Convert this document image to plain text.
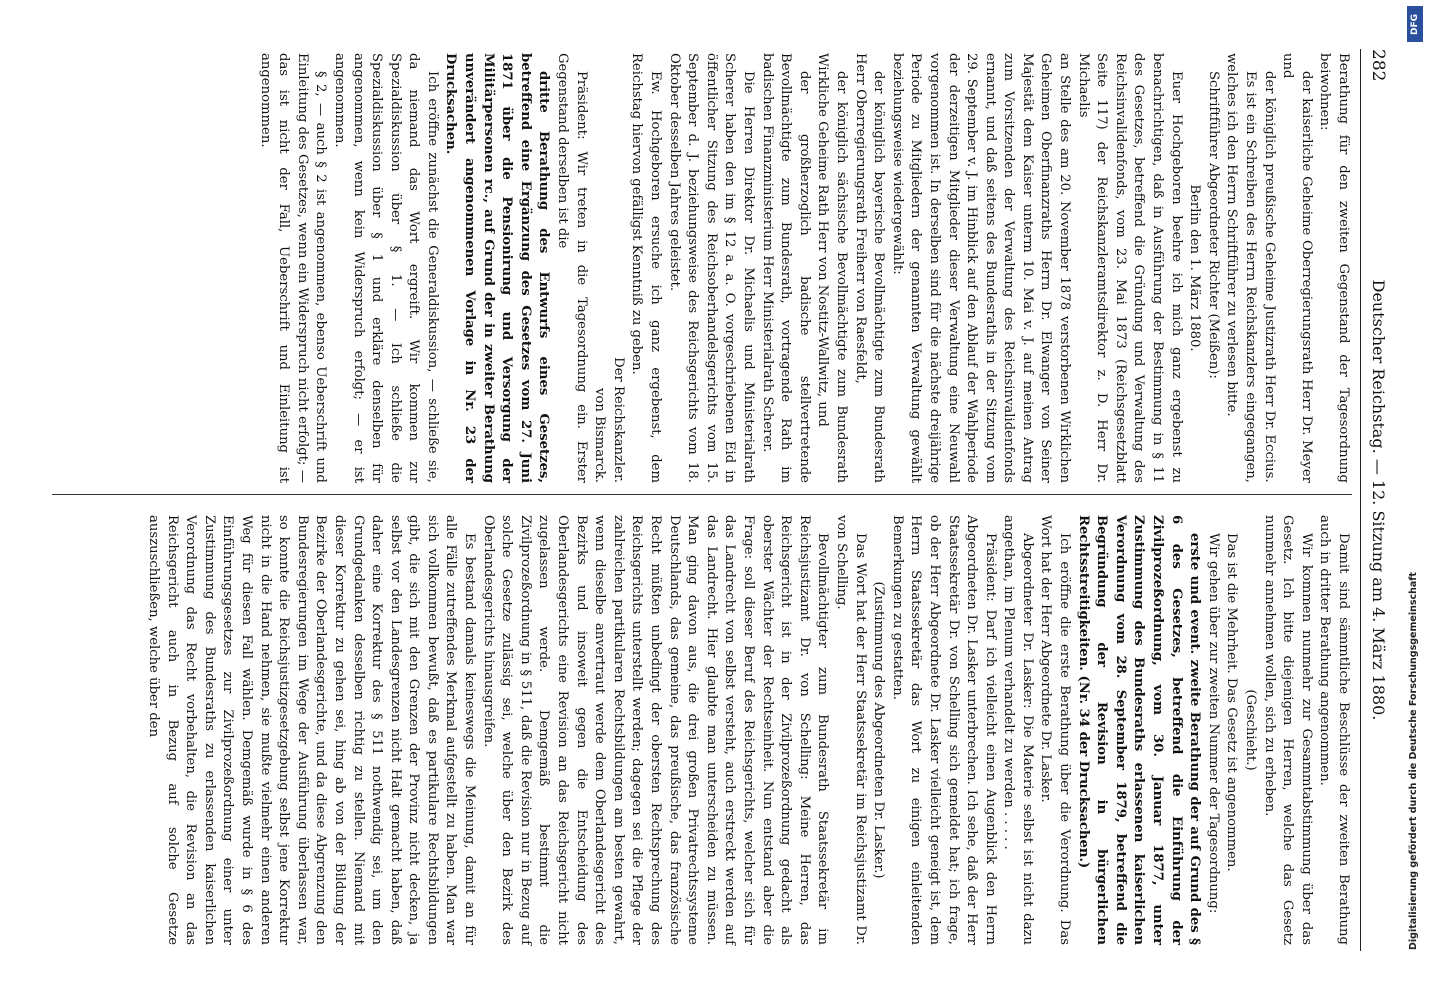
282
Deutscher Reichstag. — 12. Sitzung am 4. März 1880.

Berathung für den zweiten Gegenstand der Tagesordnung beiwohnen:

der kaiserliche Geheime Oberregierungsrath Herr Dr. Meyer und

der königlich preußische Geheime Justizrath Herr Dr. Eccius.

Es ist ein Schreiben des Herrn Reichskanzlers eingegangen, welches ich den Herrn Schriftführer zu verlesen bitte.

Schriftführer Abgeordneter Richter (Meißen):

Berlin den 1. März 1880.

Euer Hochgeboren beehre ich mich ganz ergebenst zu benachrichtigen, daß in Ausführung der Bestimmung in § 11 des Gesetzes, betreffend die Gründung und Verwaltung des Reichsinvalidenfonds, vom 23. Mai 1873 (Reichsgesetzblatt Seite 117) der Reichskanzleramtsdirektor z. D. Herr Dr. Michaelis

an Stelle des am 20. November 1878 verstorbenen Wirklichen Geheimen Oberfinanzraths Herrn Dr. Elwanger von Seiner Majestät dem Kaiser unterm 10. Mai v. J. auf meinen Antrag zum Vorsitzenden der Verwaltung des Reichsinvalidenfonds ernannt, und daß seitens des Bundesraths in der Sitzung vom 29. September v. J. im Hinblick auf den Ablauf der Wahlperiode der derzeitigen Mitglieder dieser Verwaltung eine Neuwahl vorgenommen ist. In derselben sind für die nächste dreijährige Periode zu Mitgliedern der genannten Verwaltung gewählt beziehungsweise wiedergewählt:

der königlich bayerische Bevollmächtigte zum Bundesrath Herr Oberregierungsrath Freiherr von Raesfeldt,

der königlich sächsische Bevollmächtigte zum Bundesrath Wirkliche Geheime Rath Herr von Nostitz-Wallwitz, und

der großherzoglich badische stellvertretende Bevollmächtigte zum Bundesrath, vortragende Rath im badischen Finanzministerium Herr Ministerialrath Scherer.

Die Herren Direktor Dr. Michaelis und Ministerialrath Scherer haben den im § 12 a. a. O. vorgeschriebenen Eid in öffentlicher Sitzung des Reichsoberhandelsgerichts vom 15. September d. J. beziehungsweise des Reichsgerichts vom 18. Oktober desselben Jahres geleistet.

Ew. Hochgeboren ersuche ich ganz ergebenst, dem Reichstag hiervon gefälligst Kenntniß zu geben.

Der Reichskanzler.

von Bismarck.

Präsident: Wir treten in die Tagesordnung ein. Erster Gegenstand derselben ist die

dritte Berathung des Entwurfs eines Gesetzes, betreffend eine Ergänzung des Gesetzes vom 27. Juni 1871 über die Pensionirung und Versorgung der Militärpersonen rc., auf Grund der in zweiter Berathung unverändert angenommenen Vorlage in Nr. 23 der Drucksachen.

Ich eröffne zunächst die Generaldiskussion, — schließe sie, da niemand das Wort ergreift. Wir kommen zur Spezialdiskussion über § 1. — Ich schließe die Spezialdiskussion über § 1 und erkläre denselben für angenommen, wenn kein Widerspruch erfolgt; — er ist angenommen.

§ 2, — auch § 2 ist angenommen, ebenso Ueberschrift und Einleitung des Gesetzes, wenn ein Widerspruch nicht erfolgt; — das ist nicht der Fall, Ueberschrift und Einleitung ist angenommen.

Damit sind sämmtliche Beschlüsse der zweiten Berathung auch in dritter Berathung angenommen.

Wir kommen nunmehr zur Gesammtabstimmung über das Gesetz. Ich bitte diejenigen Herren, welche das Gesetz nunmehr annehmen wollen, sich zu erheben.

(Geschieht.)

Das ist die Mehrheit. Das Gesetz ist angenommen.

Wir gehen über zur zweiten Nummer der Tagesordnung:

erste und event. zweite Berathung der auf Grund des § 6 des Gesetzes, betreffend die Einführung der Zivilprozeßordnung, vom 30. Januar 1877, unter Zustimmung des Bundesraths erlassenen kaiserlichen Verordnung vom 28. September 1879, betreffend die Begründung der Revision in bürgerlichen Rechtsstreitigkeiten. (Nr. 34 der Drucksachen.)

Ich eröffne die erste Berathung über die Verordnung. Das Wort hat der Herr Abgeordnete Dr. Lasker.

Abgeordneter Dr. Lasker: Die Materie selbst ist nicht dazu angethan, im Plenum verhandelt zu werden . . . . .

Präsident: Darf ich vielleicht einen Augenblick den Herrn Abgeordneten Dr. Lasker unterbrechen. Ich sehe, daß der Herr Staatssekretär Dr. von Schelling sich gemeldet hat; ich frage, ob der Herr Abgeordnete Dr. Lasker vielleicht geneigt ist, dem Herrn Staatssekretär das Wort zu einigen einleitenden Bemerkungen zu gestatten.

(Zustimmung des Abgeordneten Dr. Lasker.)

Das Wort hat der Herr Staatssekretär im Reichsjustizamt Dr. von Schelling.

Bevollmächtigter zum Bundesrath Staatssekretär im Reichsjustizamt Dr. von Schelling: Meine Herren, das Reichsgericht ist in der Zivilprozeßordnung gedacht als oberster Wächter der Rechtseinheit. Nun entstand aber die Frage: soll dieser Beruf des Reichsgerichts, welcher sich für das Landrecht von selbst versteht, auch erstreckt werden auf das Landrecht. Hier glaubte man unterscheiden zu müssen. Man ging davon aus, die drei großen Privatrechtssysteme Deutschlands, das gemeine, das preußische, das französische Recht müßten unbedingt der obersten Rechtsprechung des Reichsgerichts unterstellt werden; dagegen sei die Pflege der zahlreichen partikularen Rechtsbildungen am besten gewahrt, wenn dieselbe anvertraut werde dem Oberlandesgericht des Bezirks und insoweit gegen die Entscheidung des Oberlandesgerichts eine Revision an das Reichsgericht nicht zugelassen werde. Demgemäß bestimmt die Zivilprozeßordnung in § 511, daß die Revision nur in Bezug auf solche Gesetze zulässig sei, welche über den Bezirk des Oberlandesgerichts hinausgreifen.

Es bestand damals keineswegs die Meinung, damit an für alle Fälle zutreffendes Merkmal aufgestellt zu haben. Man war sich vollkommen bewußt, daß es partikulare Rechtsbildungen gibt, die sich mit den Grenzen der Provinz nicht decken, ja selbst vor den Landesgrenzen nicht Halt gemacht haben, daß daher eine Korrektur des § 511 nothwendig sei, um den Grundgedanken desselben richtig zu stellen. Niemand mit dieser Korrektur zu gehen sei, hing ab von der Bildung der Bezirke der Oberlandesgerichte, und da diese Abgrenzung den Bundesregierungen im Wege der Ausführung überlassen war, so konnte die Reichsjustizgesetzgebung selbst jene Korrektur nicht in die Hand nehmen, sie mußte vielmehr einen anderen Weg für diesen Fall wählen. Demgemäß wurde in § 6 des Einführungsgesetzes zur Zivilprozeßordnung einer unter Zustimmung des Bundesraths zu erlassenden kaiserlichen Verordnung das Recht vorbehalten, die Revision an das Reichsgericht auch in Bezug auf solche Gesetze auszuschließen, welche über den

DFG
Digitalisierung gefördert durch die Deutsche Forschungsgemeinschaft
